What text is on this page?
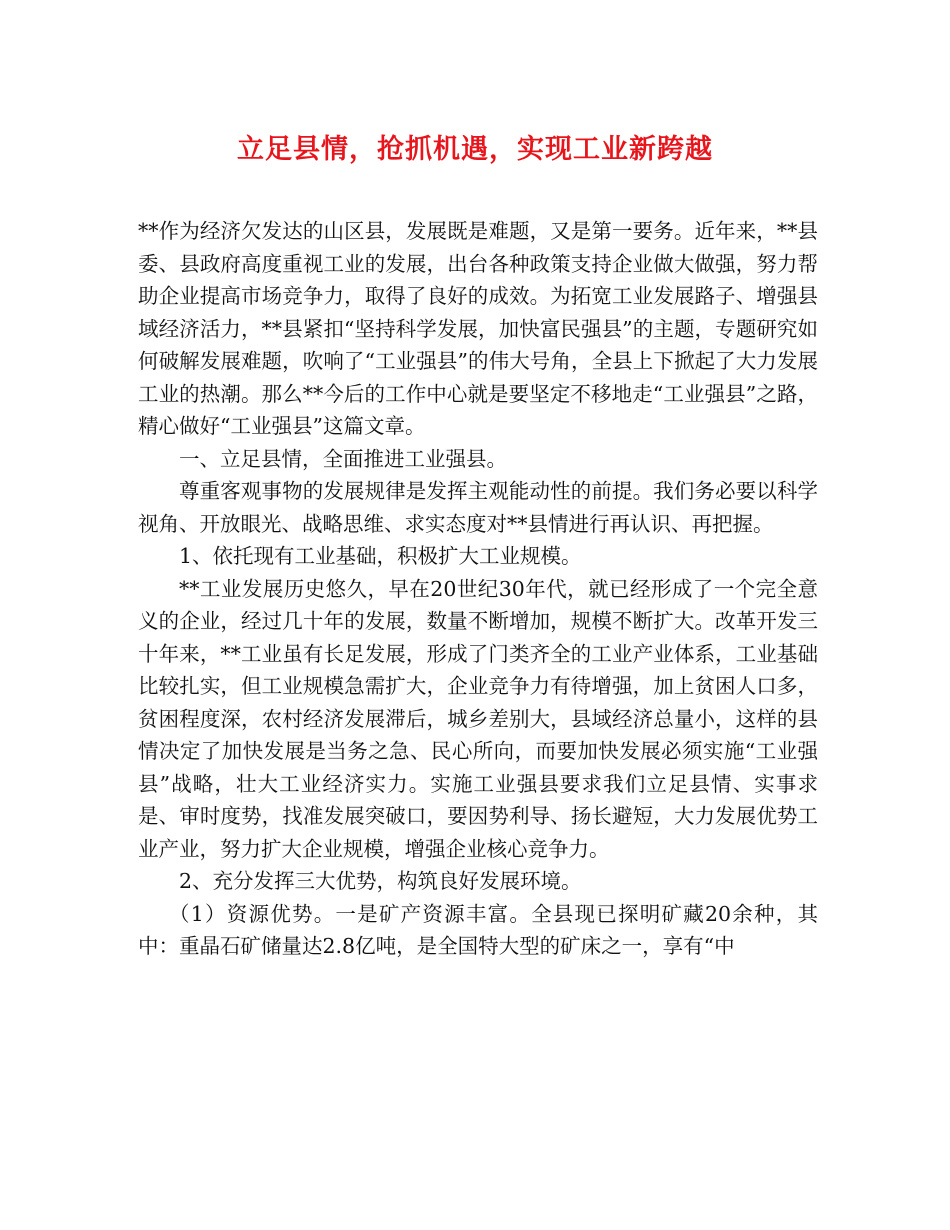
立足县情，抢抓机遇，实现工业新跨越

**作为经济欠发达的山区县，发展既是难题，又是第一要务。近年来，**县委、县政府高度重视工业的发展，出台各种政策支持企业做大做强，努力帮助企业提高市场竞争力，取得了良好的成效。为拓宽工业发展路子、增强县域经济活力，**县紧扣“坚持科学发展，加快富民强县”的主题，专题研究如何破解发展难题，吹响了“工业强县”的伟大号角，全县上下掀起了大力发展工业的热潮。那么**今后的工作中心就是要坚定不移地走“工业强县”之路，精心做好“工业强县”这篇文章。

一、立足县情，全面推进工业强县。

尊重客观事物的发展规律是发挥主观能动性的前提。我们务必要以科学视角、开放眼光、战略思维、求实态度对**县情进行再认识、再把握。

1、依托现有工业基础，积极扩大工业规模。

**工业发展历史悠久，早在20世纪30年代，就已经形成了一个完全意义的企业，经过几十年的发展，数量不断增加，规模不断扩大。改革开发三十年来，**工业虽有长足发展，形成了门类齐全的工业产业体系，工业基础比较扎实，但工业规模急需扩大，企业竞争力有待增强，加上贫困人口多，贫困程度深，农村经济发展滞后，城乡差别大，县域经济总量小，这样的县情决定了加快发展是当务之急、民心所向，而要加快发展必须实施“工业强县”战略，壮大工业经济实力。实施工业强县要求我们立足县情、实事求是、审时度势，找准发展突破口，要因势利导、扬长避短，大力发展优势工业产业，努力扩大企业规模，增强企业核心竞争力。

2、充分发挥三大优势，构筑良好发展环境。

（1）资源优势。一是矿产资源丰富。全县现已探明矿藏20余种，其中：重晶石矿储量达2.8亿吨，是全国特大型的矿床之一，享有“中
